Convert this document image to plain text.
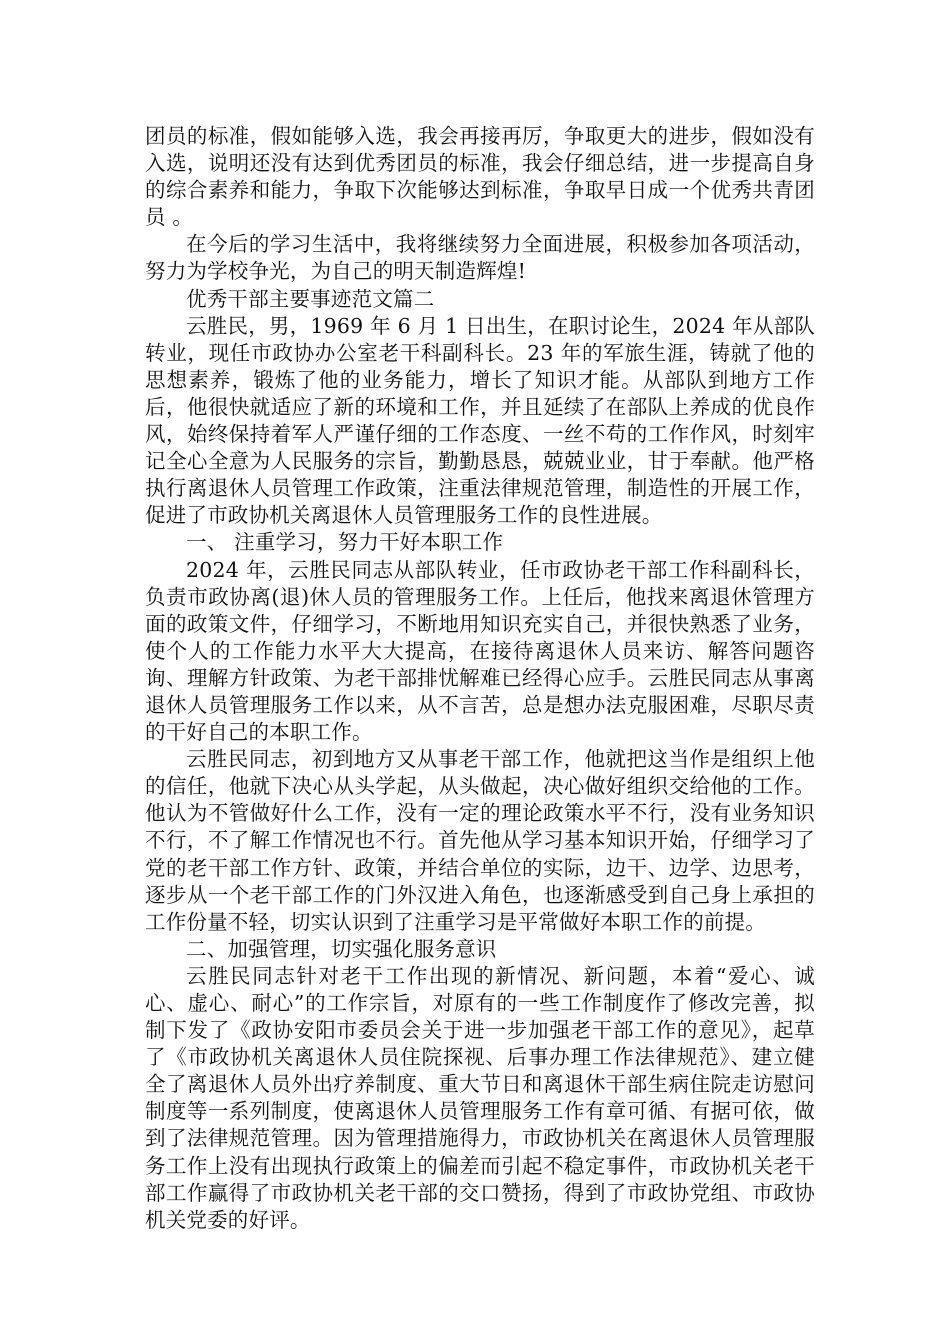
团员的标准，假如能够入选，我会再接再厉，争取更大的进步，假如没有入选，说明还没有达到优秀团员的标准，我会仔细总结，进一步提高自身的综合素养和能力，争取下次能够达到标准，争取早日成一个优秀共青团员 。

在今后的学习生活中，我将继续努力全面进展，积极参加各项活动，努力为学校争光，为自己的明天制造辉煌!

优秀干部主要事迹范文篇二

云胜民，男，1969 年 6 月 1 日出生，在职讨论生，2024 年从部队转业，现任市政协办公室老干科副科长。23 年的军旅生涯，铸就了他的思想素养，锻炼了他的业务能力，增长了知识才能。从部队到地方工作后，他很快就适应了新的环境和工作，并且延续了在部队上养成的优良作风，始终保持着军人严谨仔细的工作态度、一丝不苟的工作作风，时刻牢记全心全意为人民服务的宗旨，勤勤恳恳，兢兢业业，甘于奉献。他严格执行离退休人员管理工作政策，注重法律规范管理，制造性的开展工作，促进了市政协机关离退休人员管理服务工作的良性进展。

一、 注重学习，努力干好本职工作

2024 年，云胜民同志从部队转业，任市政协老干部工作科副科长，负责市政协离(退)休人员的管理服务工作。上任后，他找来离退休管理方面的政策文件，仔细学习，不断地用知识充实自己，并很快熟悉了业务，使个人的工作能力水平大大提高，在接待离退休人员来访、解答问题咨询、理解方针政策、为老干部排忧解难已经得心应手。云胜民同志从事离退休人员管理服务工作以来，从不言苦，总是想办法克服困难，尽职尽责的干好自己的本职工作。

云胜民同志，初到地方又从事老干部工作，他就把这当作是组织上他的信任，他就下决心从头学起，从头做起，决心做好组织交给他的工作。他认为不管做好什么工作，没有一定的理论政策水平不行，没有业务知识不行，不了解工作情况也不行。首先他从学习基本知识开始，仔细学习了党的老干部工作方针、政策，并结合单位的实际，边干、边学、边思考，逐步从一个老干部工作的门外汉进入角色，也逐渐感受到自己身上承担的工作份量不轻，切实认识到了注重学习是平常做好本职工作的前提。

二、加强管理，切实强化服务意识

云胜民同志针对老干工作出现的新情况、新问题，本着“爱心、诚心、虚心、耐心”的工作宗旨，对原有的一些工作制度作了修改完善，拟制下发了《政协安阳市委员会关于进一步加强老干部工作的意见》，起草了《市政协机关离退休人员住院探视、后事办理工作法律规范》、建立健全了离退休人员外出疗养制度、重大节日和离退休干部生病住院走访慰问制度等一系列制度，使离退休人员管理服务工作有章可循、有据可依，做到了法律规范管理。因为管理措施得力，市政协机关在离退休人员管理服务工作上没有出现执行政策上的偏差而引起不稳定事件，市政协机关老干部工作赢得了市政协机关老干部的交口赞扬，得到了市政协党组、市政协机关党委的好评。
